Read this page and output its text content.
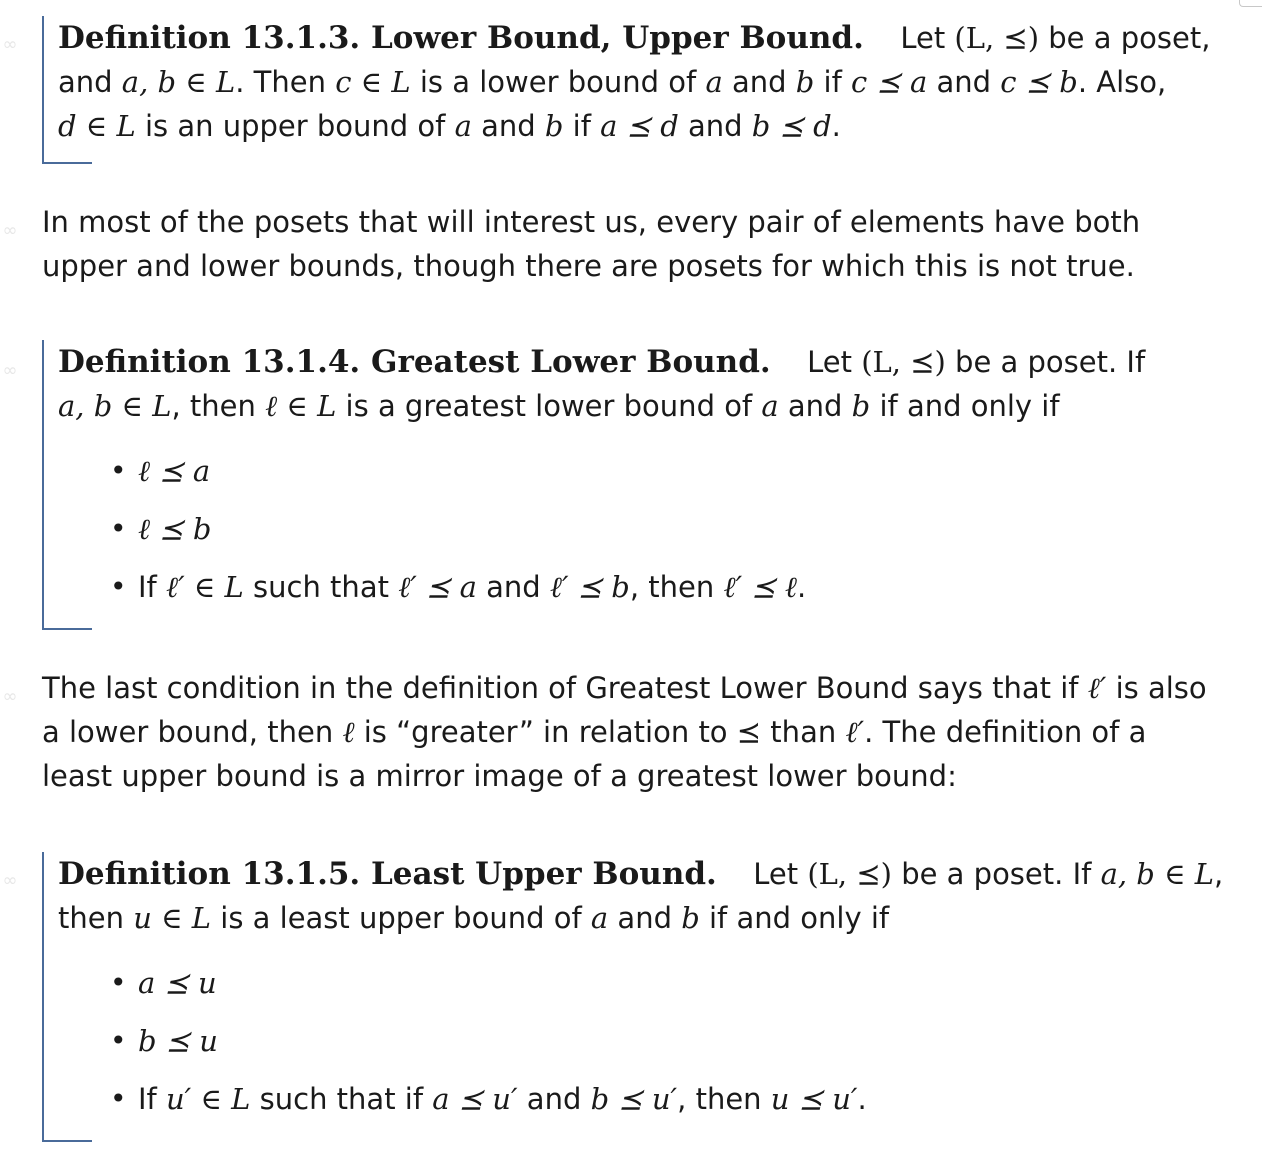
∞ Definition 13.1.3. Lower Bound, Upper Bound. Let (L, ⪯) be a poset,
and a, b ∈ L. Then c ∈ L is a lower bound of a and b if c ⪯ a and c ⪯ b. Also,
d ∈ L is an upper bound of a and b if a ⪯ d and b ⪯ d.
∞ In most of the posets that will interest us, every pair of elements have both
upper and lower bounds, though there are posets for which this is not true.
∞ Definition 13.1.4. Greatest Lower Bound. Let (L, ⪯) be a poset. If
a, b ∈ L, then ℓ ∈ L is a greatest lower bound of a and b if and only if
• ℓ ⪯ a
• ℓ ⪯ b
• If ℓ′ ∈ L such that ℓ′ ⪯ a and ℓ′ ⪯ b, then ℓ′ ⪯ ℓ.
∞ The last condition in the definition of Greatest Lower Bound says that if ℓ′ is also
a lower bound, then ℓ is “greater” in relation to ⪯ than ℓ′. The definition of a
least upper bound is a mirror image of a greatest lower bound:
∞ Definition 13.1.5. Least Upper Bound. Let (L, ⪯) be a poset. If a, b ∈ L,
then u ∈ L is a least upper bound of a and b if and only if
• a ⪯ u
• b ⪯ u
• If u′ ∈ L such that if a ⪯ u′ and b ⪯ u′, then u ⪯ u′.
